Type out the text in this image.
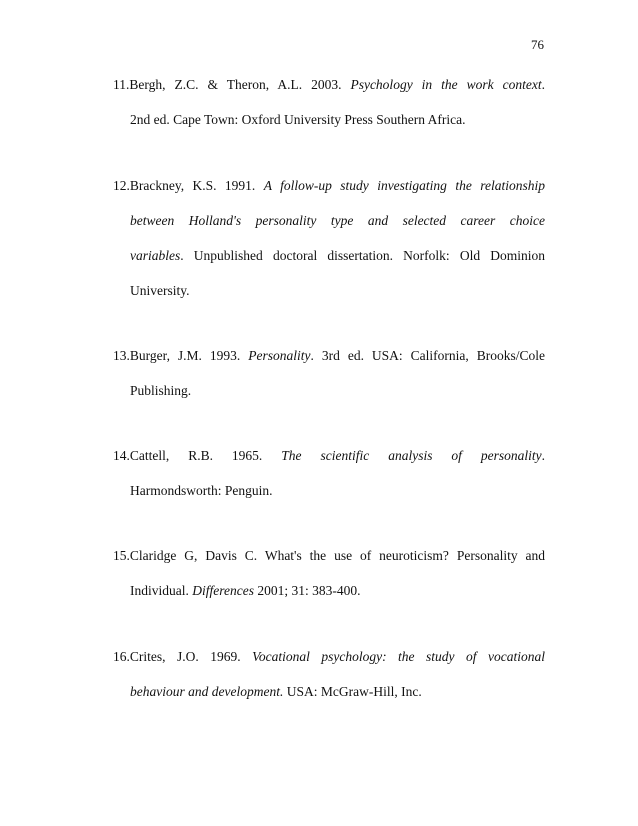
76
11.Bergh, Z.C. & Theron, A.L. 2003. Psychology in the work context.
2nd ed. Cape Town: Oxford University Press Southern Africa.
12.Brackney, K.S. 1991. A follow-up study investigating the relationship
between Holland's personality type and selected career choice
variables. Unpublished doctoral dissertation. Norfolk: Old Dominion
University.
13.Burger, J.M. 1993. Personality. 3rd ed. USA: California, Brooks/Cole
Publishing.
14.Cattell, R.B. 1965. The scientific analysis of personality.
Harmondsworth: Penguin.
15.Claridge G, Davis C. What's the use of neuroticism? Personality and
Individual. Differences 2001; 31: 383-400.
16.Crites, J.O. 1969. Vocational psychology: the study of vocational
behaviour and development. USA: McGraw-Hill, Inc.
